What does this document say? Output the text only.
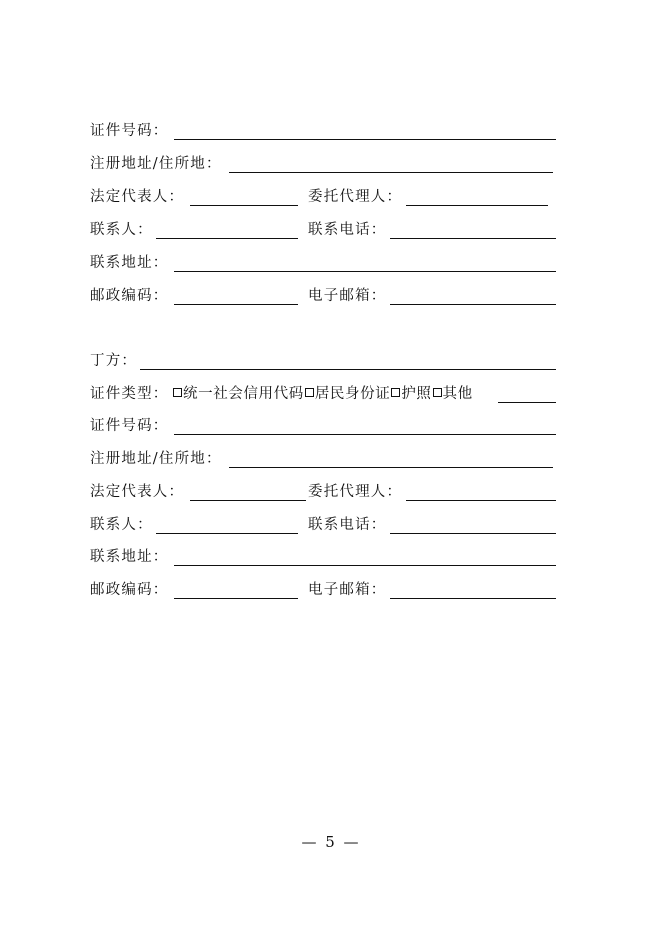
证件号码：
注册地址/住所地：
法定代表人：	委托代理人：
联系人：	联系电话：
联系地址：
邮政编码：	电子邮箱：
丁方：
证件类型：	统一社会信用代码 居民身份证 护照 其他
证件号码：
注册地址/住所地：
法定代表人：	委托代理人：
联系人：	联系电话：
联系地址：
邮政编码：	电子邮箱：
— 5 —
